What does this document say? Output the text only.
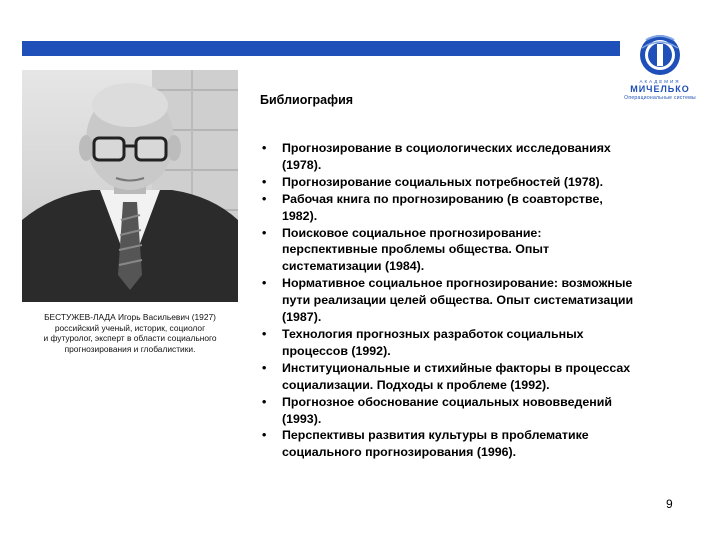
АКАДЕМИЯ
МИЧЕЛЬКО
Операциональные системы
БЕСТУЖЕВ-ЛАДА Игорь Васильевич (1927)
российский ученый, историк, социолог
и футуролог, эксперт в области социального
прогнозирования и глобалистики.
Библиография
• Прогнозирование в социологических исследованиях
(1978).
• Прогнозирование социальных потребностей (1978).
• Рабочая книга по прогнозированию (в соавторстве,
1982).
• Поисковое социальное прогнозирование:
перспективные проблемы общества. Опыт
систематизации (1984).
• Нормативное социальное прогнозирование: возможные
пути реализации целей общества. Опыт систематизации
(1987).
• Технология прогнозных разработок социальных
процессов (1992).
• Институциональные и стихийные факторы в процессах
социализации. Подходы к проблеме (1992).
• Прогнозное обоснование социальных нововведений
(1993).
• Перспективы развития культуры в проблематике
социального прогнозирования (1996).
9
